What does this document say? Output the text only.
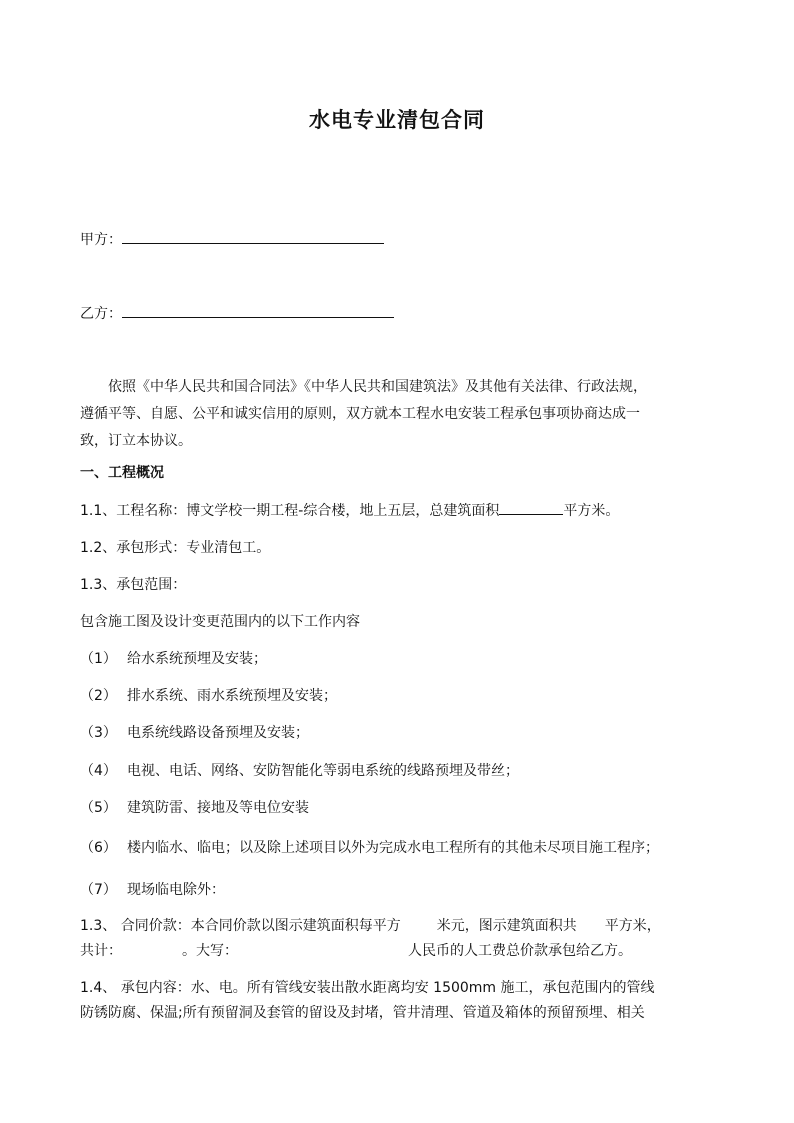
水电专业清包合同
甲方：
乙方：
依照《中华人民共和国合同法》《中华人民共和国建筑法》及其他有关法律、行政法规，
遵循平等、自愿、公平和诚实信用的原则，双方就本工程水电安装工程承包事项协商达成一
致，订立本协议。
一、工程概况
1.1、工程名称：博文学校一期工程-综合楼，地上五层，总建筑面积	平方米。
1.2、承包形式：专业清包工。
1.3、承包范围：
包含施工图及设计变更范围内的以下工作内容
（1） 给水系统预埋及安装；
（2） 排水系统、雨水系统预埋及安装；
（3） 电系统线路设备预埋及安装；
（4） 电视、电话、网络、安防智能化等弱电系统的线路预埋及带丝；
（5） 建筑防雷、接地及等电位安装
（6） 楼内临水、临电；以及除上述项目以外为完成水电工程所有的其他未尽项目施工程序；
（7） 现场临电除外：
1.3、 合同价款：本合同价款以图示建筑面积每平方	米元，图示建筑面积共 平方米，
共计：	。大写：	人民币的人工费总价款承包给乙方。
1.4、 承包内容：水、电。所有管线安装出散水距离均安 1500mm 施工，承包范围内的管线
防锈防腐、保温;所有预留洞及套管的留设及封堵，管井清理、管道及箱体的预留预埋、相关
